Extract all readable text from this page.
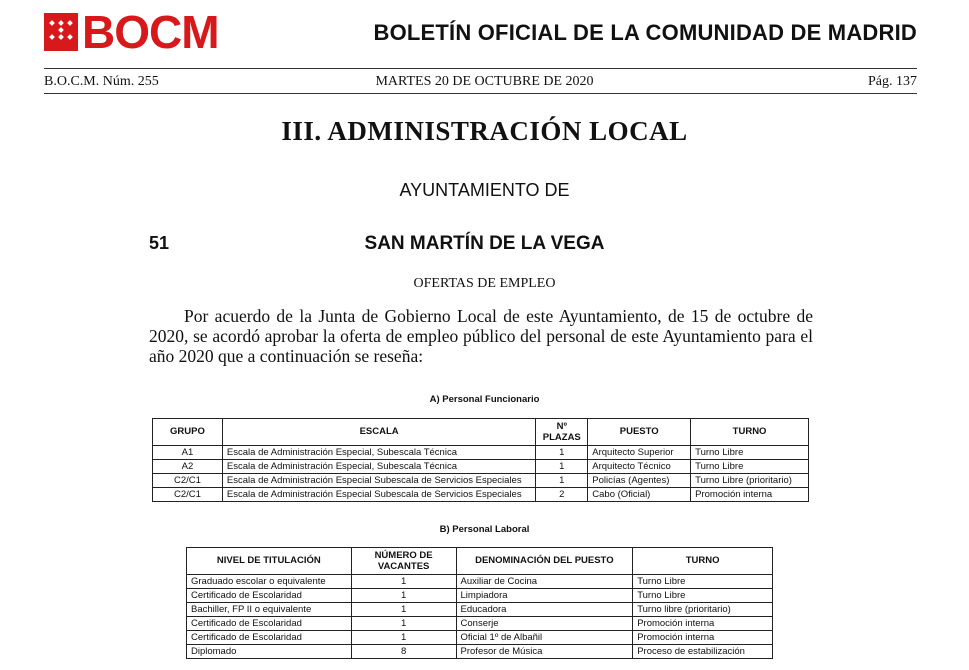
BOCM	BOLETÍN OFICIAL DE LA COMUNIDAD DE MADRID
B.O.C.M. Núm. 255	MARTES 20 DE OCTUBRE DE 2020	Pág. 137
III. ADMINISTRACIÓN LOCAL
AYUNTAMIENTO DE
51	SAN MARTÍN DE LA VEGA
OFERTAS DE EMPLEO
Por acuerdo de la Junta de Gobierno Local de este Ayuntamiento, de 15 de octubre de 2020, se acordó aprobar la oferta de empleo público del personal de este Ayuntamiento para el año 2020 que a continuación se reseña:
A) Personal Funcionario
GRUPO	ESCALA	Nº PLAZAS	PUESTO	TURNO
A1	Escala de Administración Especial, Subescala Técnica	1	Arquitecto Superior	Turno Libre
A2	Escala de Administración Especial, Subescala Técnica	1	Arquitecto Técnico	Turno Libre
C2/C1	Escala de Administración Especial Subescala de Servicios Especiales	1	Policías (Agentes)	Turno Libre (prioritario)
C2/C1	Escala de Administración Especial Subescala de Servicios Especiales	2	Cabo (Oficial)	Promoción interna
B) Personal Laboral
NIVEL DE TITULACIÓN	NÚMERO DE VACANTES	DENOMINACIÓN DEL PUESTO	TURNO
Graduado escolar o equivalente	1	Auxiliar de Cocina	Turno Libre
Certificado de Escolaridad	1	Limpiadora	Turno Libre
Bachiller, FP II o equivalente	1	Educadora	Turno libre (prioritario)
Certificado de Escolaridad	1	Conserje	Promoción interna
Certificado de Escolaridad	1	Oficial 1º de Albañil	Promoción interna
Diplomado	8	Profesor de Música	Proceso de estabilización
